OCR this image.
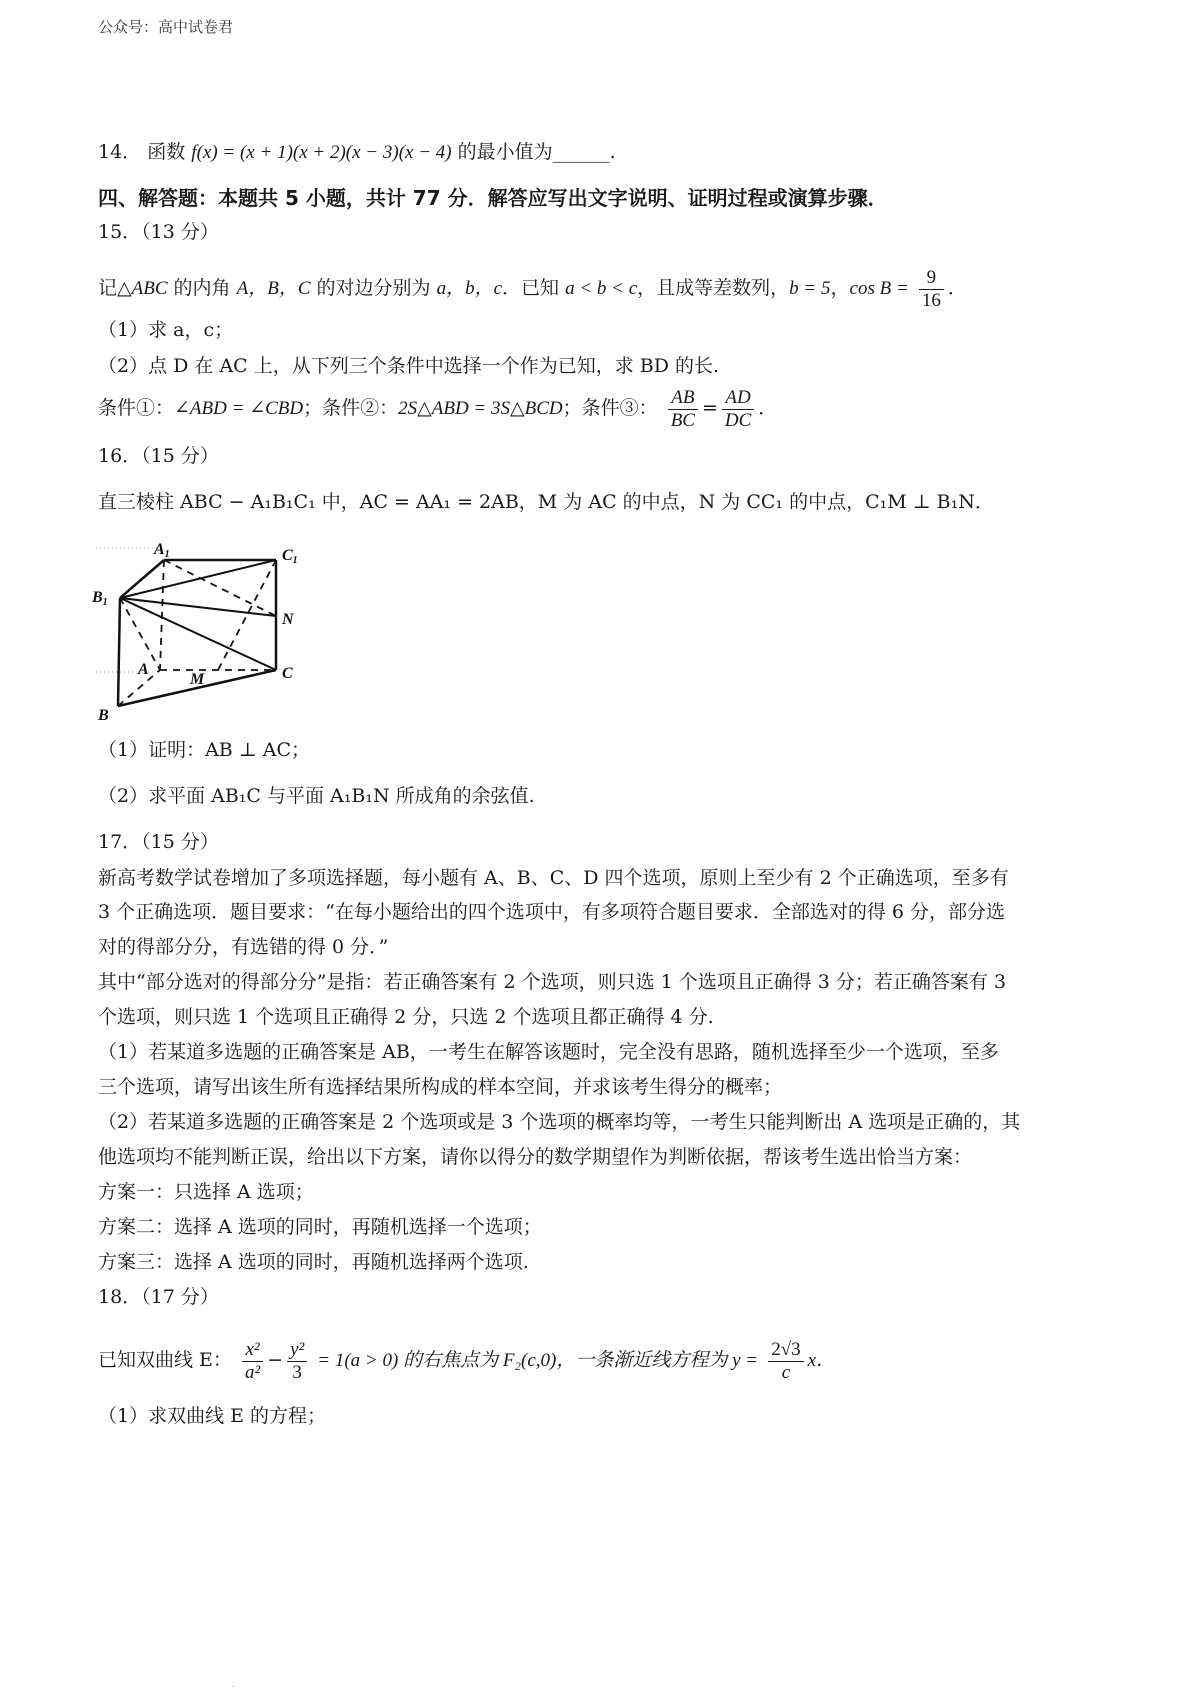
公众号：高中试卷君
14． 函数 f(x) = (x + 1)(x + 2)(x − 3)(x − 4) 的最小值为______.
四、解答题：本题共 5 小题，共计 77 分．解答应写出文字说明、证明过程或演算步骤．
15．（13 分）
记△ABC 的内角 A，B，C 的对边分别为 a，b，c．已知 a < b < c，且成等差数列，b = 5，$\cos B = \frac{9}{16}$ ．
（1）求 a，c；
（2）点 D 在 AC 上，从下列三个条件中选择一个作为已知，求 BD 的长.
条件①：∠ABD = ∠CBD；条件②：2S△ABD = 3S△BCD；条件③： $\frac{AB}{BC} = \frac{AD}{DC}$ ．
16．（15 分）
直三棱柱 ABC − A₁B₁C₁ 中，AC = AA₁ = 2AB，M 为 AC 的中点，N 为 CC₁ 的中点，C₁M ⊥ B₁N．
A1	C1
B1
N
A
M	C
B
（1）证明：AB ⊥ AC；
（2）求平面 AB₁C 与平面 A₁B₁N 所成角的余弦值.
17．（15 分）
新高考数学试卷增加了多项选择题，每小题有 A、B、C、D 四个选项，原则上至少有 2 个正确选项，至多有
3 个正确选项．题目要求：“在每小题给出的四个选项中，有多项符合题目要求．全部选对的得 6 分，部分选
对的得部分分，有选错的得 0 分．”
其中“部分选对的得部分分”是指：若正确答案有 2 个选项，则只选 1 个选项且正确得 3 分；若正确答案有 3
个选项，则只选 1 个选项且正确得 2 分，只选 2 个选项且都正确得 4 分.
（1）若某道多选题的正确答案是 AB，一考生在解答该题时，完全没有思路，随机选择至少一个选项，至多
三个选项，请写出该生所有选择结果所构成的样本空间，并求该考生得分的概率；
（2）若某道多选题的正确答案是 2 个选项或是 3 个选项的概率均等，一考生只能判断出 A 选项是正确的，其
他选项均不能判断正误，给出以下方案，请你以得分的数学期望作为判断依据，帮该考生选出恰当方案：
方案一：只选择 A 选项；
方案二：选择 A 选项的同时，再随机选择一个选项；
方案三：选择 A 选项的同时，再随机选择两个选项.
18．（17 分）
已知双曲线 E： $\frac{\text{x²}}{\text{a²}} - \frac{\text{y²}}{3} = 1(a > 0)$ 的右焦点为 F₂(c,0)，一条渐近线方程为 $y = \frac{2√3}{c}$ x．
（1）求双曲线 E 的方程；
.
